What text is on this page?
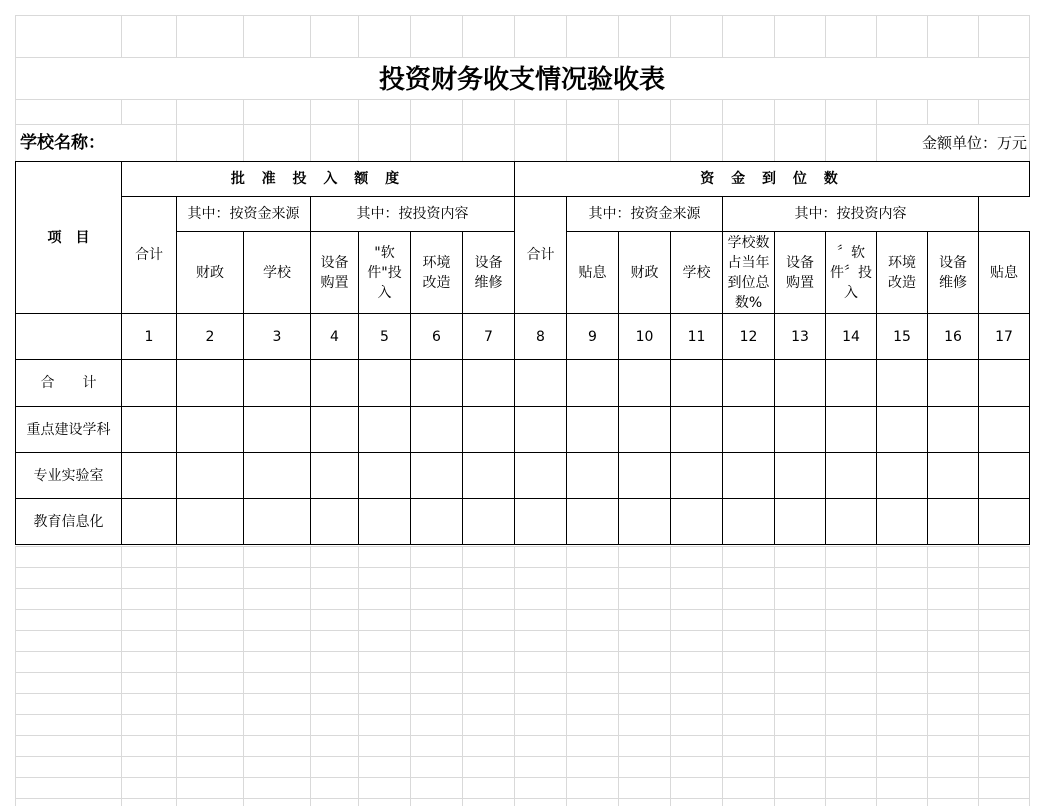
投资财务收支情况验收表
学校名称：	金额单位：万元
项　目	批 准 投 入 额 度							资 金 到 位 数									
	合计	其中：按资金来源		其中：按投资内容				合计	其中：按资金来源			其中：按投资内容					
		财政	学校	设备购置	"软件"投入	环境改造	设备维修		贴息	财政	学校	学校数占当年到位总数%	设备购置	〞软件〞投入	环境改造	设备维修	贴息
	1	2	3	4	5	6	7	8	9	10	11	12	13	14	15	16	17
合　　计																	
重点建设学科																	
专业实验室																	
教育信息化																	
